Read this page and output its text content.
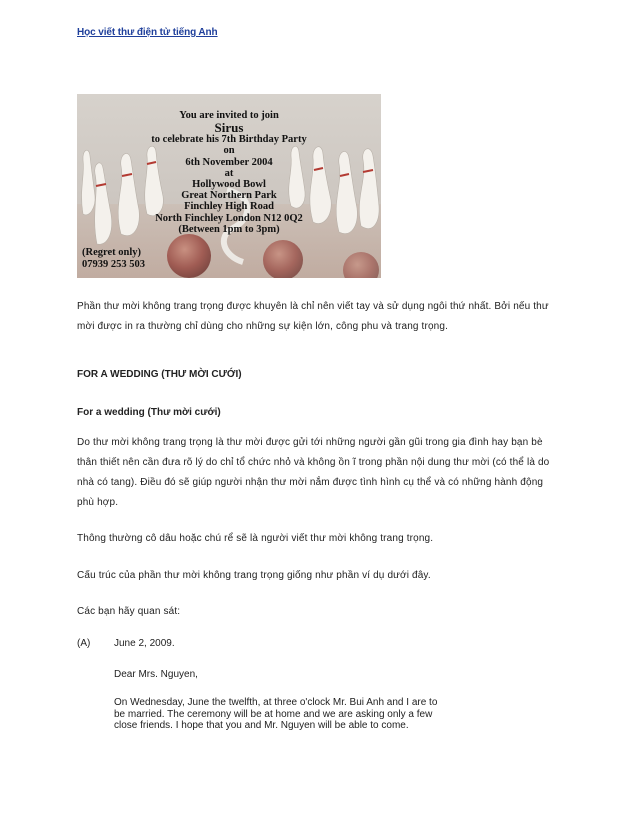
Học viết thư điện tử tiếng Anh
You are invited to join
Sirus
to celebrate his 7th Birthday Party
on
6th November 2004
at
Hollywood Bowl
Great Northern Park
Finchley High Road
North Finchley London N12 0Q2
(Between 1pm to 3pm)
(Regret only)
07939 253 503
Phần thư mời không trang trọng được khuyên là chỉ nên viết tay và sử dụng ngôi thứ nhất. Bởi nếu thư
mời được in ra thường chỉ dùng cho những sự kiện lớn, công phu và trang trọng.
FOR A WEDDING (THƯ MỜI CƯỚI)
For a wedding (Thư mời cưới)
Do thư mời không trang trọng là thư mời được gửi tới những người gần gũi trong gia đình hay bạn bè
thân thiết nên cần đưa rõ lý do chỉ tổ chức nhỏ và không ồn ĩ trong phần nội dung thư mời (có thể là do
nhà có tang). Điều đó sẽ giúp người nhận thư mời nắm được tình hình cụ thể và có những hành động
phù hợp.
Thông thường cô dâu hoặc chú rể sẽ là người viết thư mời không trang trọng.
Cấu trúc của phần thư mời không trang trọng giống như phần ví dụ dưới đây.
Các bạn hãy quan sát:
(A) June 2, 2009.
Dear Mrs. Nguyen,
On Wednesday, June the twelfth, at three o'clock Mr. Bui Anh and I are to
be married. The ceremony will be at home and we are asking only a few
close friends. I hope that you and Mr. Nguyen will be able to come.
